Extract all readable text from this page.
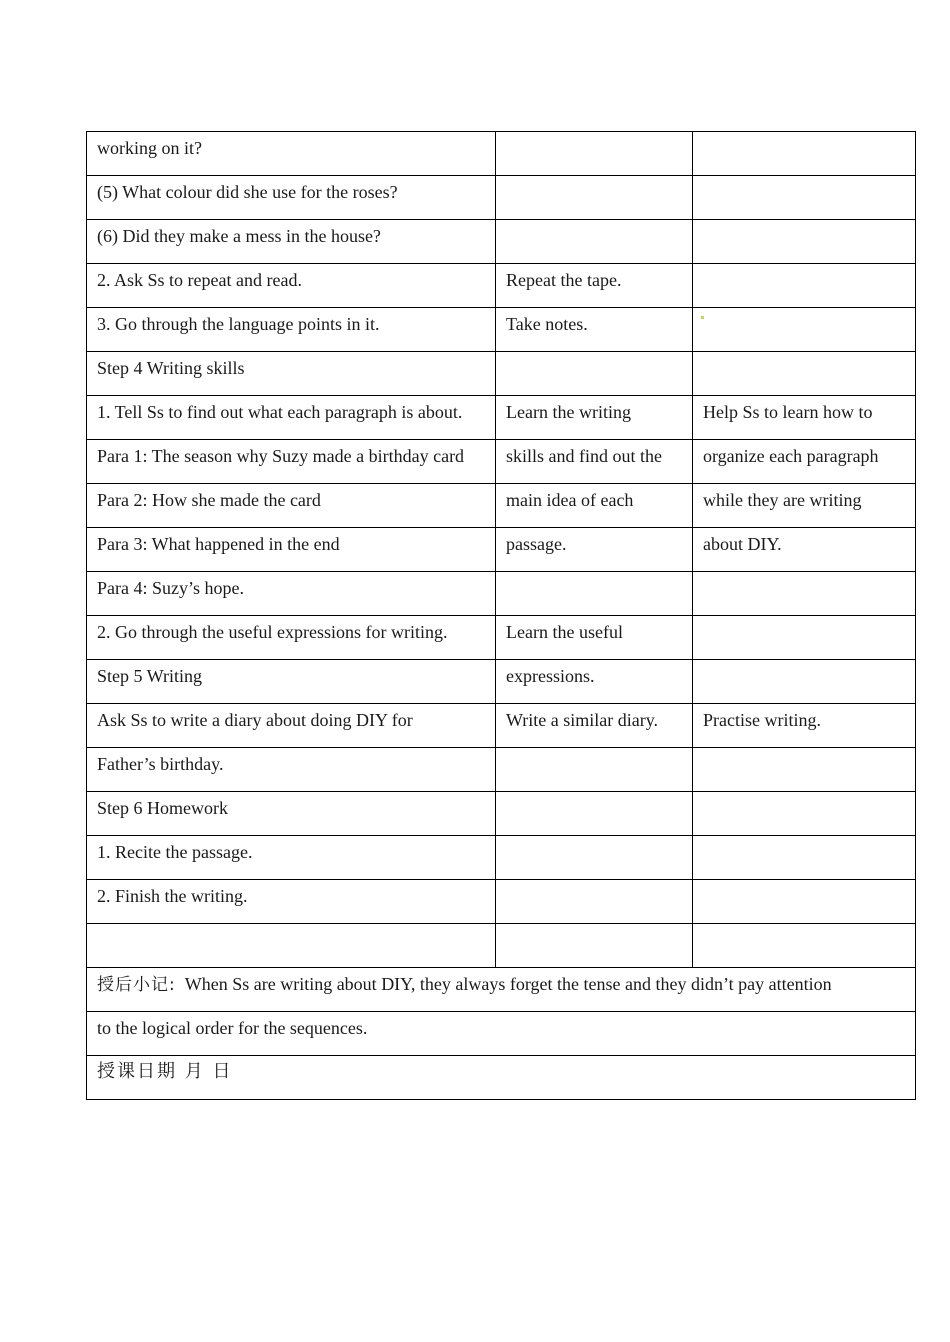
working on it?		
(5) What colour did she use for the roses?		
(6) Did they make a mess in the house?		
2. Ask Ss to repeat and read.	Repeat the tape.	
3. Go through the language points in it.	Take notes.	
Step 4 Writing skills		
1. Tell Ss to find out what each paragraph is about.	Learn the writing	Help Ss to learn how to
Para 1: The season why Suzy made a birthday card	skills and find out the	organize each paragraph
Para 2: How she made the card	main idea of each	while they are writing
Para 3: What happened in the end	passage.	about DIY.
Para 4: Suzy’s hope.		
2. Go through the useful expressions for writing.	Learn the useful	
Step 5 Writing	expressions.	
Ask Ss to write a diary about doing DIY for	Write a similar diary.	Practise writing.
Father’s birthday.		
Step 6 Homework		
1. Recite the passage.		
2. Finish the writing.		

授后小记: When Ss are writing about DIY, they always forget the tense and they didn’t pay attention		
to the logical order for the sequences.		
授课日期 月 日		
